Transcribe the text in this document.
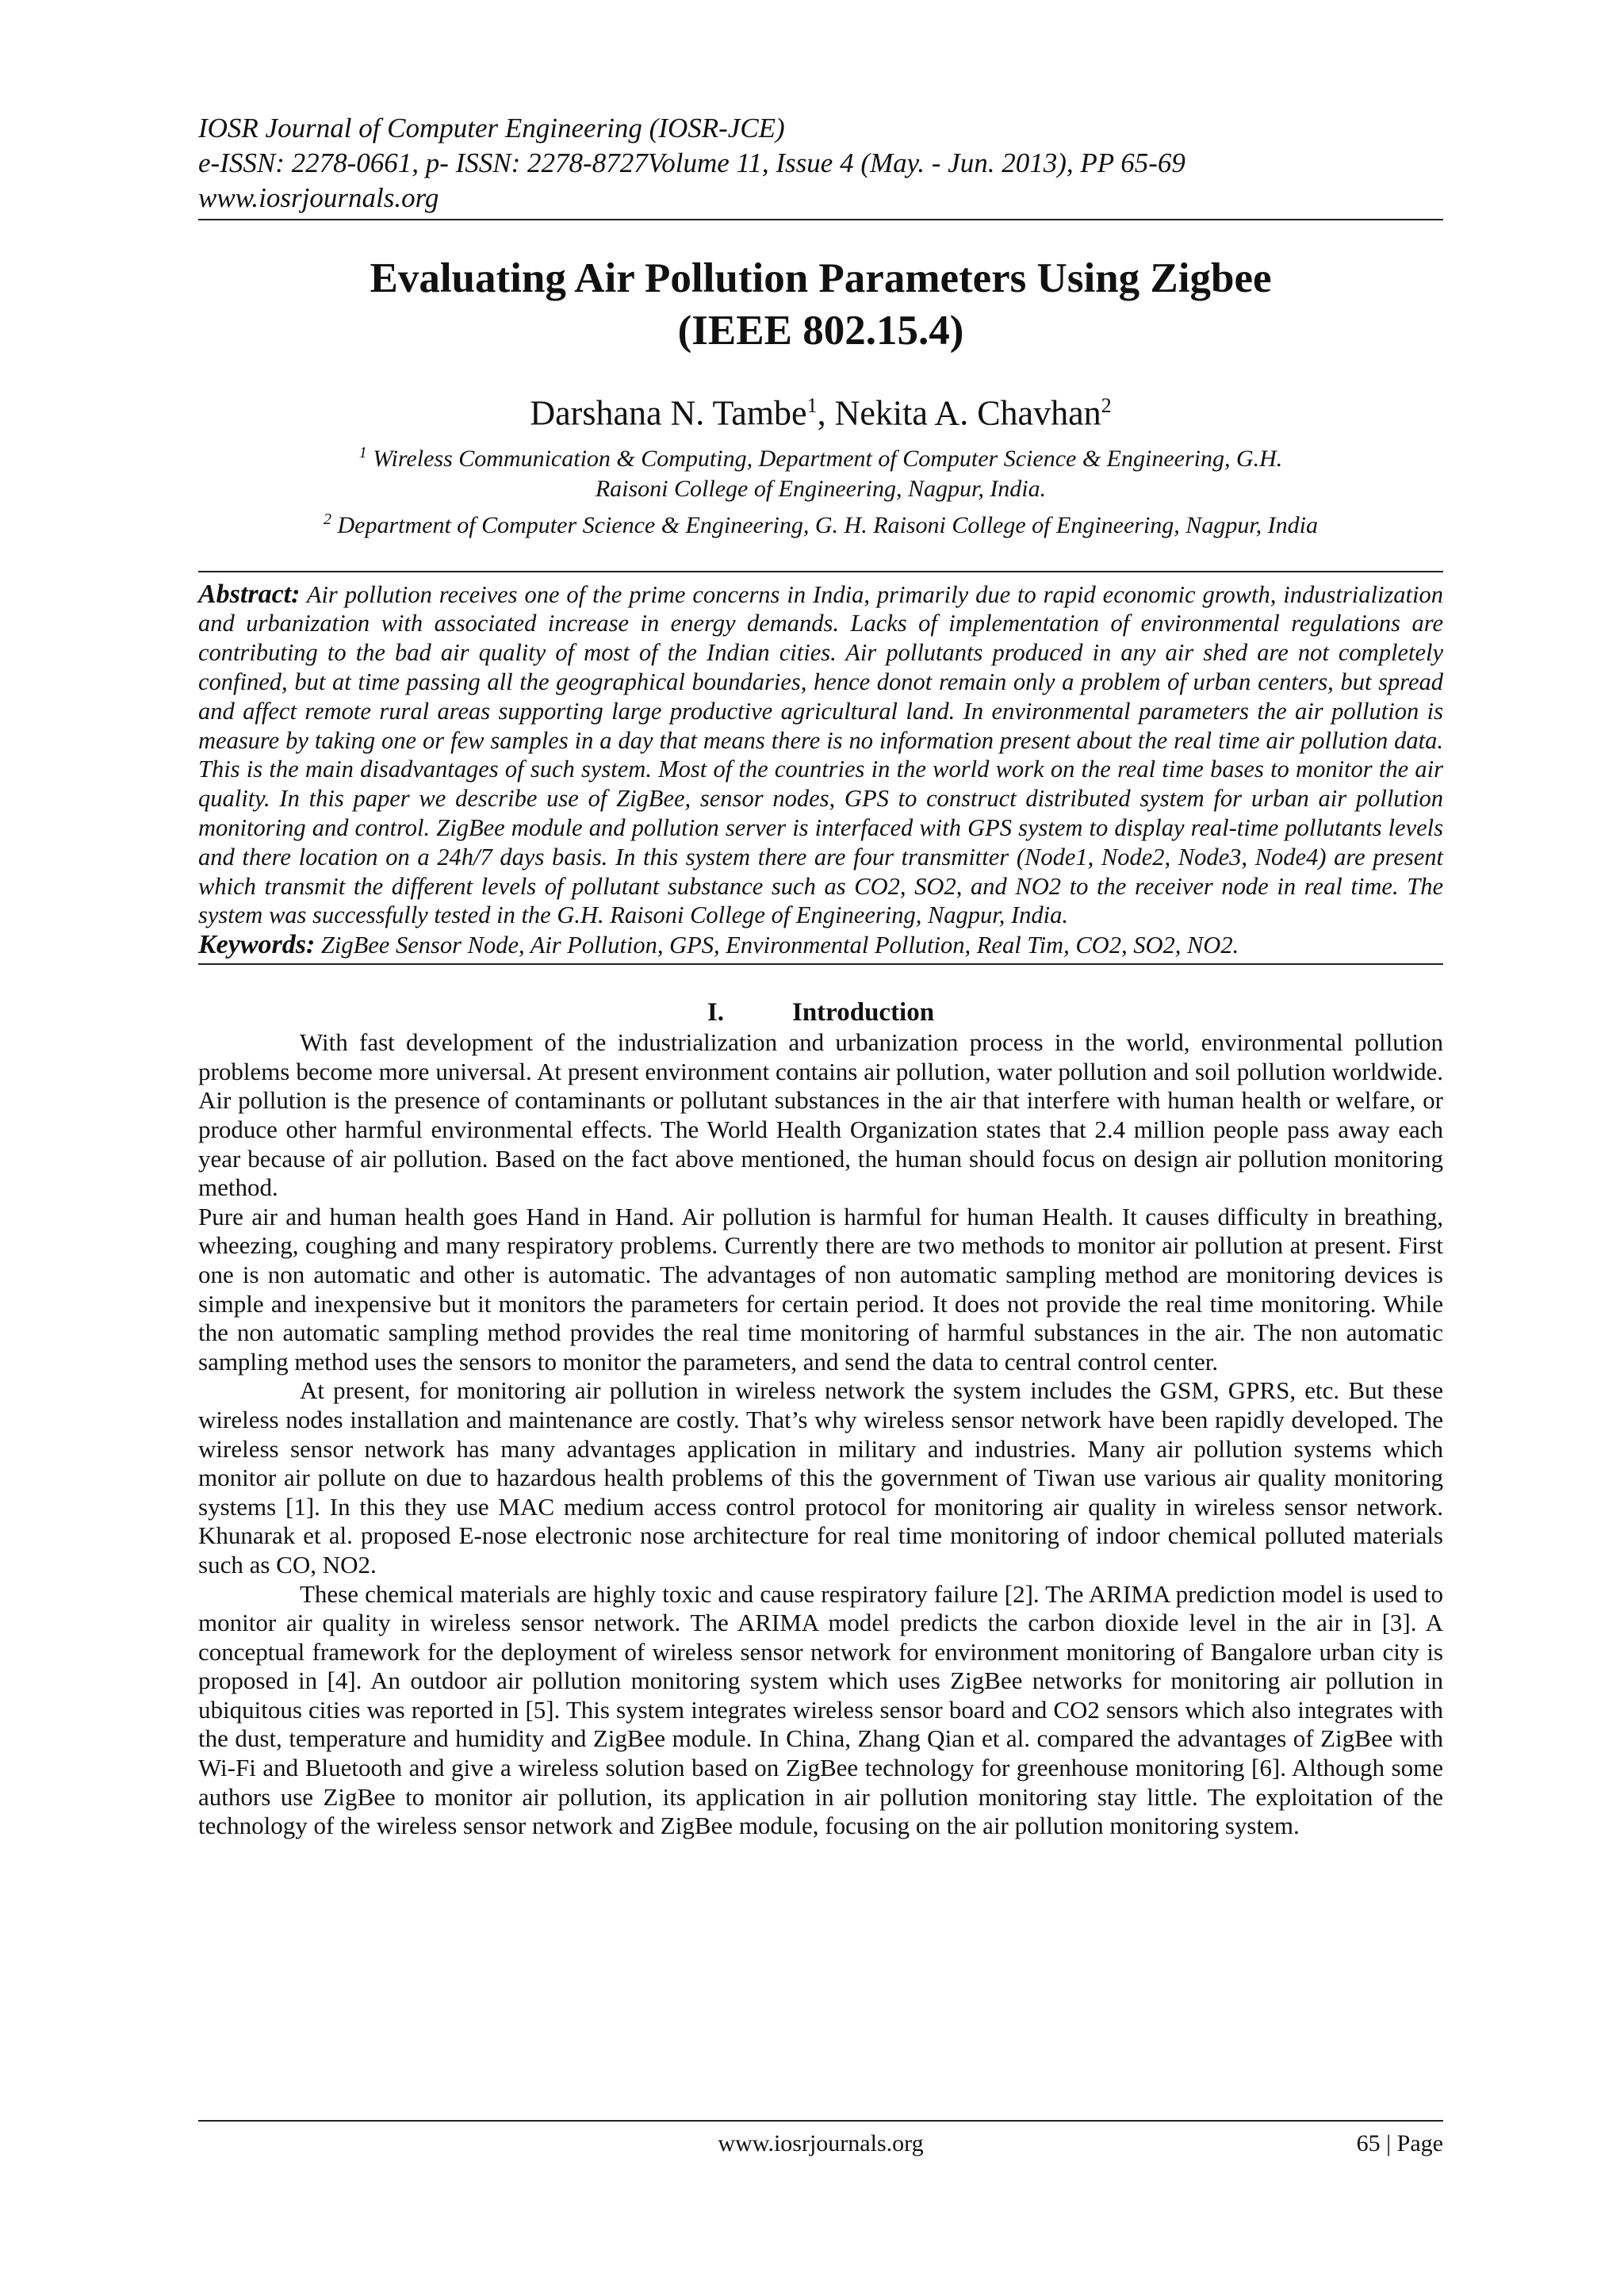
IOSR Journal of Computer Engineering (IOSR-JCE)
e-ISSN: 2278-0661, p- ISSN: 2278-8727Volume 11, Issue 4 (May. - Jun. 2013), PP 65-69
www.iosrjournals.org
Evaluating Air Pollution Parameters Using Zigbee
(IEEE 802.15.4)
Darshana N. Tambe$^1$, Nekita A. Chavhan$^2$
$^1$ Wireless Communication & Computing, Department of Computer Science & Engineering, G.H.
Raisoni College of Engineering, Nagpur, India.
$^2$ Department of Computer Science & Engineering, G. H. Raisoni College of Engineering, Nagpur, India
Abstract: Air pollution receives one of the prime concerns in India, primarily due to rapid economic growth, industrialization and urbanization with associated increase in energy demands. Lacks of implementation of environmental regulations are contributing to the bad air quality of most of the Indian cities. Air pollutants produced in any air shed are not completely confined, but at time passing all the geographical boundaries, hence donot remain only a problem of urban centers, but spread and affect remote rural areas supporting large productive agricultural land. In environmental parameters the air pollution is measure by taking one or few samples in a day that means there is no information present about the real time air pollution data. This is the main disadvantages of such system. Most of the countries in the world work on the real time bases to monitor the air quality. In this paper we describe use of ZigBee, sensor nodes, GPS to construct distributed system for urban air pollution monitoring and control. ZigBee module and pollution server is interfaced with GPS system to display real-time pollutants levels and there location on a 24h/7 days basis. In this system there are four transmitter (Node1, Node2, Node3, Node4) are present which transmit the different levels of pollutant substance such as CO2, SO2, and NO2 to the receiver node in real time. The system was successfully tested in the G.H. Raisoni College of Engineering, Nagpur, India.
Keywords: ZigBee Sensor Node, Air Pollution, GPS, Environmental Pollution, Real Tim, CO2, SO2, NO2.
I.	Introduction

With fast development of the industrialization and urbanization process in the world, environmental pollution problems become more universal. At present environment contains air pollution, water pollution and soil pollution worldwide. Air pollution is the presence of contaminants or pollutant substances in the air that interfere with human health or welfare, or produce other harmful environmental effects. The World Health Organization states that 2.4 million people pass away each year because of air pollution. Based on the fact above mentioned, the human should focus on design air pollution monitoring method.

Pure air and human health goes Hand in Hand. Air pollution is harmful for human Health. It causes difficulty in breathing, wheezing, coughing and many respiratory problems. Currently there are two methods to monitor air pollution at present. First one is non automatic and other is automatic. The advantages of non automatic sampling method are monitoring devices is simple and inexpensive but it monitors the parameters for certain period. It does not provide the real time monitoring. While the non automatic sampling method provides the real time monitoring of harmful substances in the air. The non automatic sampling method uses the sensors to monitor the parameters, and send the data to central control center.

At present, for monitoring air pollution in wireless network the system includes the GSM, GPRS, etc. But these wireless nodes installation and maintenance are costly. That’s why wireless sensor network have been rapidly developed. The wireless sensor network has many advantages application in military and industries. Many air pollution systems which monitor air pollute on due to hazardous health problems of this the government of Tiwan use various air quality monitoring systems [1]. In this they use MAC medium access control protocol for monitoring air quality in wireless sensor network. Khunarak et al. proposed E-nose electronic nose architecture for real time monitoring of indoor chemical polluted materials such as CO, NO2.

These chemical materials are highly toxic and cause respiratory failure [2]. The ARIMA prediction model is used to monitor air quality in wireless sensor network. The ARIMA model predicts the carbon dioxide level in the air in [3]. A conceptual framework for the deployment of wireless sensor network for environment monitoring of Bangalore urban city is proposed in [4]. An outdoor air pollution monitoring system which uses ZigBee networks for monitoring air pollution in ubiquitous cities was reported in [5]. This system integrates wireless sensor board and CO2 sensors which also integrates with the dust, temperature and humidity and ZigBee module. In China, Zhang Qian et al. compared the advantages of ZigBee with Wi-Fi and Bluetooth and give a wireless solution based on ZigBee technology for greenhouse monitoring [6]. Although some authors use ZigBee to monitor air pollution, its application in air pollution monitoring stay little. The exploitation of the technology of the wireless sensor network and ZigBee module, focusing on the air pollution monitoring system.

www.iosrjournals.org	65 | Page
